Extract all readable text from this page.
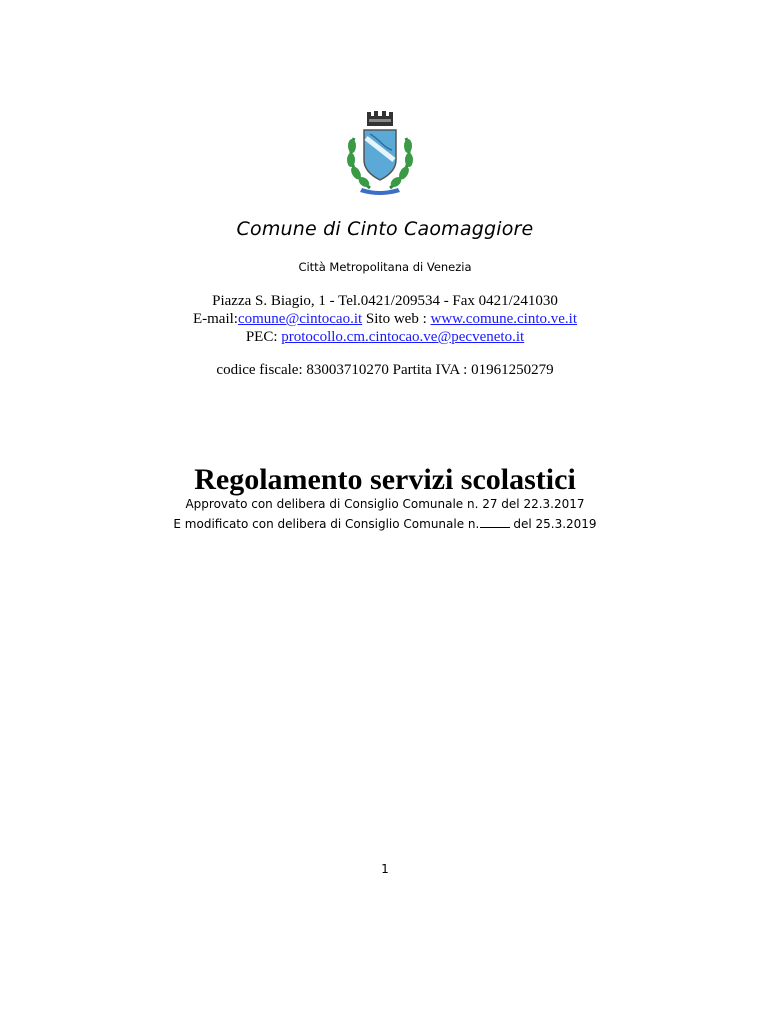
Comune di Cinto Caomaggiore
Città Metropolitana di Venezia
Piazza S. Biagio, 1 - Tel.0421/209534 - Fax 0421/241030
E-mail:comune@cintocao.it Sito web : www.comune.cinto.ve.it
PEC: protocollo.cm.cintocao.ve@pecveneto.it
codice fiscale: 83003710270 Partita IVA : 01961250279
Regolamento servizi scolastici
Approvato con delibera di Consiglio Comunale n. 27 del 22.3.2017
E modificato con delibera di Consiglio Comunale n.	del 25.3.2019
1
